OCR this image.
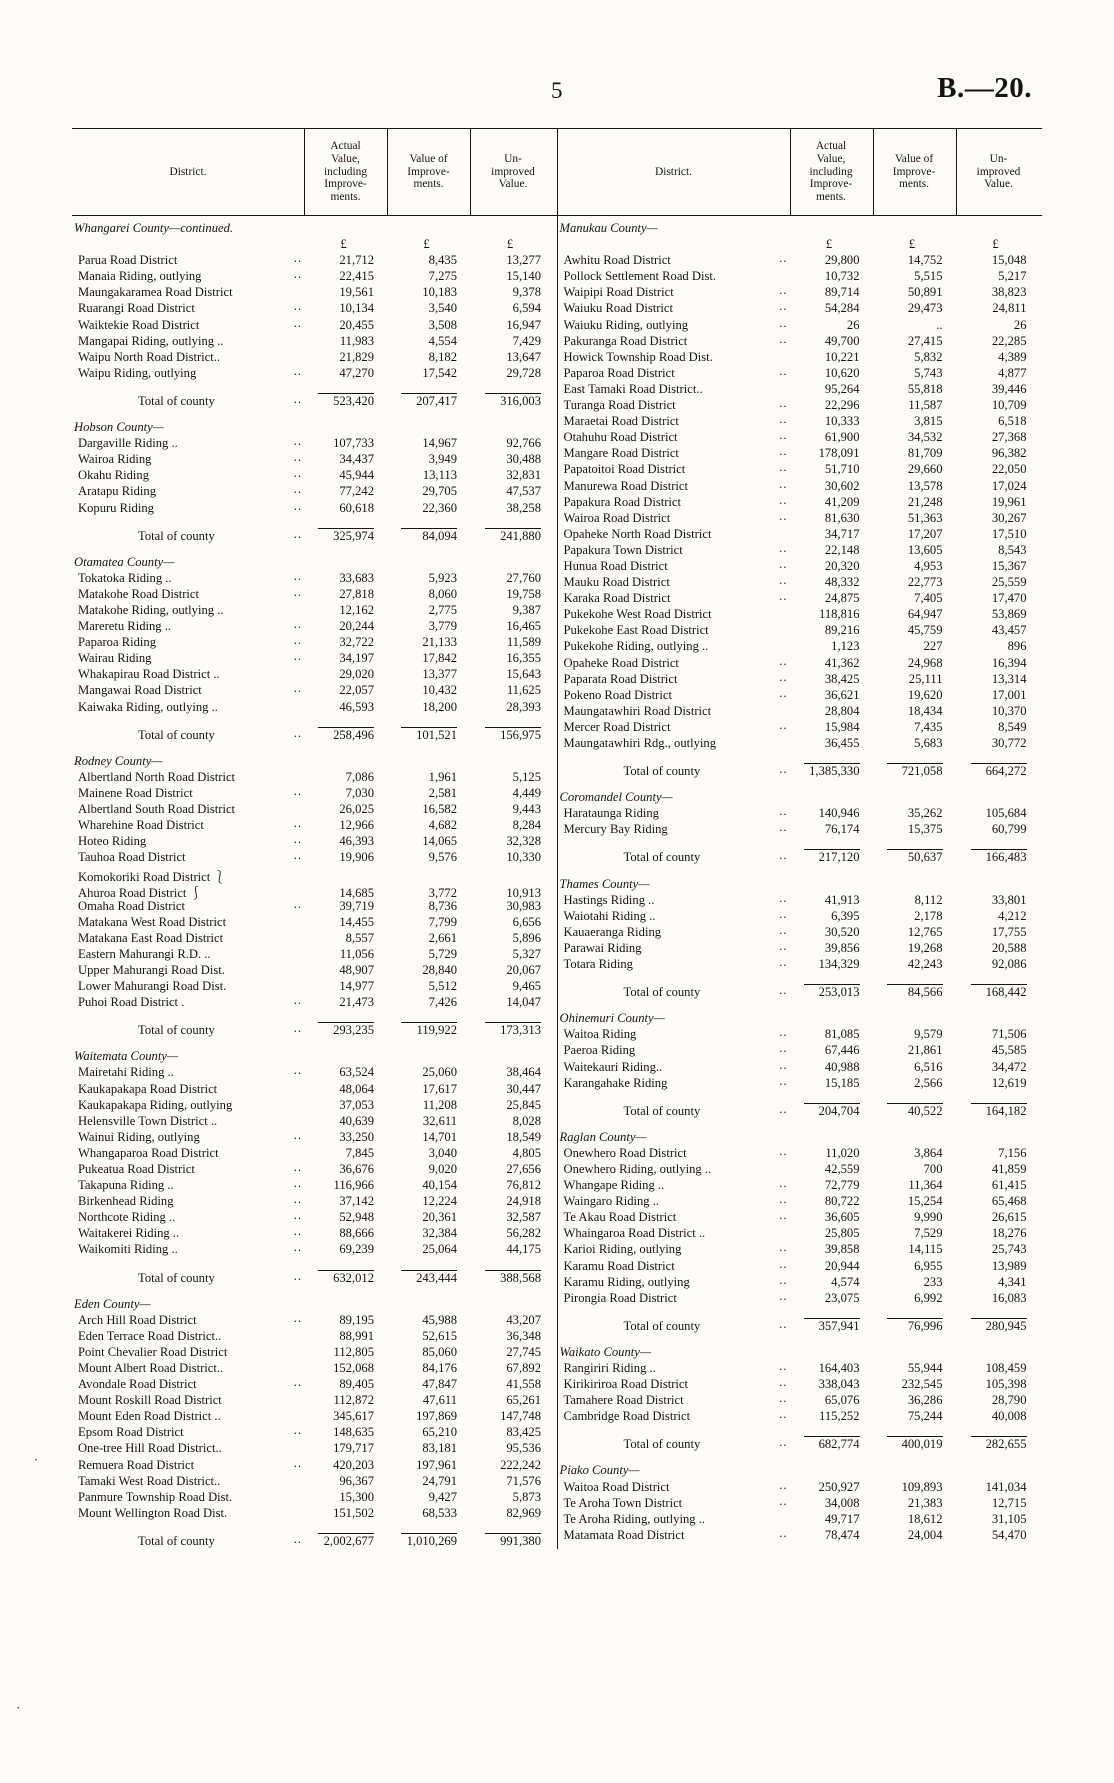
5	B.—20.
District.
Actual
Value,
including
Improve-
ments.
Value of
Improve-
ments.
Un-
improved
Value.
Whangarei County—continued.
£	£	£
Parua Road District	..	21,712	8,435	13,277
Manaia Riding, outlying	..	22,415	7,275	15,140
Maungakaramea Road District	19,561	10,183	9,378
Ruarangi Road District	..	10,134	3,540	6,594
Waiktekie Road District	..	20,455	3,508	16,947
Mangapai Riding, outlying ..	11,983	4,554	7,429
Waipu North Road District..	21,829	8,182	13,647
Waipu Riding, outlying	..	47,270	17,542	29,728
Total of county	..	523,420	207,417	316,003
Hobson County—
Dargaville Riding ..	..	107,733	14,967	92,766
Wairoa Riding	..	34,437	3,949	30,488
Okahu Riding	..	45,944	13,113	32,831
Aratapu Riding	..	77,242	29,705	47,537
Kopuru Riding	..	60,618	22,360	38,258
Total of county	..	325,974	84,094	241,880
Otamatea County—
Tokatoka Riding ..	..	33,683	5,923	27,760
Matakohe Road District	..	27,818	8,060	19,758
Matakohe Riding, outlying ..	12,162	2,775	9,387
Mareretu Riding ..	..	20,244	3,779	16,465
Paparoa Riding	..	32,722	21,133	11,589
Wairau Riding	..	34,197	17,842	16,355
Whakapirau Road District ..	29,020	13,377	15,643
Mangawai Road District	..	22,057	10,432	11,625
Kaiwaka Riding, outlying ..	46,593	18,200	28,393
Total of county	..	258,496	101,521	156,975
Rodney County—
Albertland North Road District	7,086	1,961	5,125
Mainene Road District	..	7,030	2,581	4,449
Albertland South Road District	26,025	16,582	9,443
Wharehine Road District	..	12,966	4,682	8,284
Hoteo Riding	..	46,393	14,065	32,328
Tauhoa Road District	..	19,906	9,576	10,330
Komokoriki Road District ⎱
Ahuroa Road District ⎰	14,685	3,772	10,913
Omaha Road District	..	39,719	8,736	30,983
Matakana West Road District	14,455	7,799	6,656
Matakana East Road District	8,557	2,661	5,896
Eastern Mahurangi R.D. ..	11,056	5,729	5,327
Upper Mahurangi Road Dist.	48,907	28,840	20,067
Lower Mahurangi Road Dist.	14,977	5,512	9,465
Puhoi Road District .	..	21,473	7,426	14,047
Total of county	..	293,235	119,922	173,313
Waitemata County—
Mairetahi Riding ..	..	63,524	25,060	38,464
Kaukapakapa Road District	48,064	17,617	30,447
Kaukapakapa Riding, outlying	37,053	11,208	25,845
Helensville Town District ..	40,639	32,611	8,028
Wainui Riding, outlying	..	33,250	14,701	18,549
Whangaparoa Road District	7,845	3,040	4,805
Pukeatua Road District	..	36,676	9,020	27,656
Takapuna Riding ..	..	116,966	40,154	76,812
Birkenhead Riding	..	37,142	12,224	24,918
Northcote Riding ..	..	52,948	20,361	32,587
Waitakerei Riding ..	..	88,666	32,384	56,282
Waikomiti Riding ..	..	69,239	25,064	44,175
Total of county	..	632,012	243,444	388,568
Eden County—
Arch Hill Road District	..	89,195	45,988	43,207
Eden Terrace Road District..	88,991	52,615	36,348
Point Chevalier Road District	112,805	85,060	27,745
Mount Albert Road District..	152,068	84,176	67,892
Avondale Road District	..	89,405	47,847	41,558
Mount Roskill Road District	112,872	47,611	65,261
Mount Eden Road District ..	345,617	197,869	147,748
Epsom Road District	..	148,635	65,210	83,425
One-tree Hill Road District..	179,717	83,181	95,536
Remuera Road District	..	420,203	197,961	222,242
Tamaki West Road District..	96,367	24,791	71,576
Panmure Township Road Dist.	15,300	9,427	5,873
Mount Wellington Road Dist.	151,502	68,533	82,969
Total of county	..	2,002,677	1,010,269	991,380
District.
Actual
Value,
including
Improve-
ments.
Value of
Improve-
ments.
Un-
improved
Value.
Manukau County—
£	£	£
Awhitu Road District	..	29,800	14,752	15,048
Pollock Settlement Road Dist.	10,732	5,515	5,217
Waipipi Road District	..	89,714	50,891	38,823
Waiuku Road District	..	54,284	29,473	24,811
Waiuku Riding, outlying	..	26	..	26
Pakuranga Road District	..	49,700	27,415	22,285
Howick Township Road Dist.	10,221	5,832	4,389
Paparoa Road District	..	10,620	5,743	4,877
East Tamaki Road District..	95,264	55,818	39,446
Turanga Road District	..	22,296	11,587	10,709
Maraetai Road District	..	10,333	3,815	6,518
Otahuhu Road District	..	61,900	34,532	27,368
Mangare Road District	..	178,091	81,709	96,382
Papatoitoi Road District	..	51,710	29,660	22,050
Manurewa Road District	..	30,602	13,578	17,024
Papakura Road District	..	41,209	21,248	19,961
Wairoa Road District	..	81,630	51,363	30,267
Opaheke North Road District	34,717	17,207	17,510
Papakura Town District	..	22,148	13,605	8,543
Hunua Road District	..	20,320	4,953	15,367
Mauku Road District	..	48,332	22,773	25,559
Karaka Road District	..	24,875	7,405	17,470
Pukekohe West Road District	118,816	64,947	53,869
Pukekohe East Road District	89,216	45,759	43,457
Pukekohe Riding, outlying ..	1,123	227	896
Opaheke Road District	..	41,362	24,968	16,394
Paparata Road District	..	38,425	25,111	13,314
Pokeno Road District	..	36,621	19,620	17,001
Maungatawhiri Road District	28,804	18,434	10,370
Mercer Road District	..	15,984	7,435	8,549
Maungatawhiri Rdg., outlying	36,455	5,683	30,772
Total of county	..	1,385,330	721,058	664,272
Coromandel County—
Harataunga Riding	..	140,946	35,262	105,684
Mercury Bay Riding	..	76,174	15,375	60,799
Total of county	..	217,120	50,637	166,483
Thames County—
Hastings Riding ..	..	41,913	8,112	33,801
Waiotahi Riding ..	..	6,395	2,178	4,212
Kauaeranga Riding	..	30,520	12,765	17,755
Parawai Riding	..	39,856	19,268	20,588
Totara Riding	..	134,329	42,243	92,086
Total of county	..	253,013	84,566	168,442
Ohinemuri County—
Waitoa Riding	..	81,085	9,579	71,506
Paeroa Riding	..	67,446	21,861	45,585
Waitekauri Riding..	..	40,988	6,516	34,472
Karangahake Riding	..	15,185	2,566	12,619
Total of county	..	204,704	40,522	164,182
Raglan County—
Onewhero Road District	..	11,020	3,864	7,156
Onewhero Riding, outlying ..	42,559	700	41,859
Whangape Riding ..	..	72,779	11,364	61,415
Waingaro Riding ..	..	80,722	15,254	65,468
Te Akau Road District	..	36,605	9,990	26,615
Whaingaroa Road District ..	25,805	7,529	18,276
Karioi Riding, outlying	..	39,858	14,115	25,743
Karamu Road District	..	20,944	6,955	13,989
Karamu Riding, outlying	..	4,574	233	4,341
Pirongia Road District	..	23,075	6,992	16,083
Total of county	..	357,941	76,996	280,945
Waikato County—
Rangiriri Riding ..	..	164,403	55,944	108,459
Kirikiriroa Road District	..	338,043	232,545	105,398
Tamahere Road District	..	65,076	36,286	28,790
Cambridge Road District	..	115,252	75,244	40,008
Total of county	..	682,774	400,019	282,655
Piako County—
Waitoa Road District	..	250,927	109,893	141,034
Te Aroha Town District	..	34,008	21,383	12,715
Te Aroha Riding, outlying ..	49,717	18,612	31,105
Matamata Road District	..	78,474	24,004	54,470
·
·
